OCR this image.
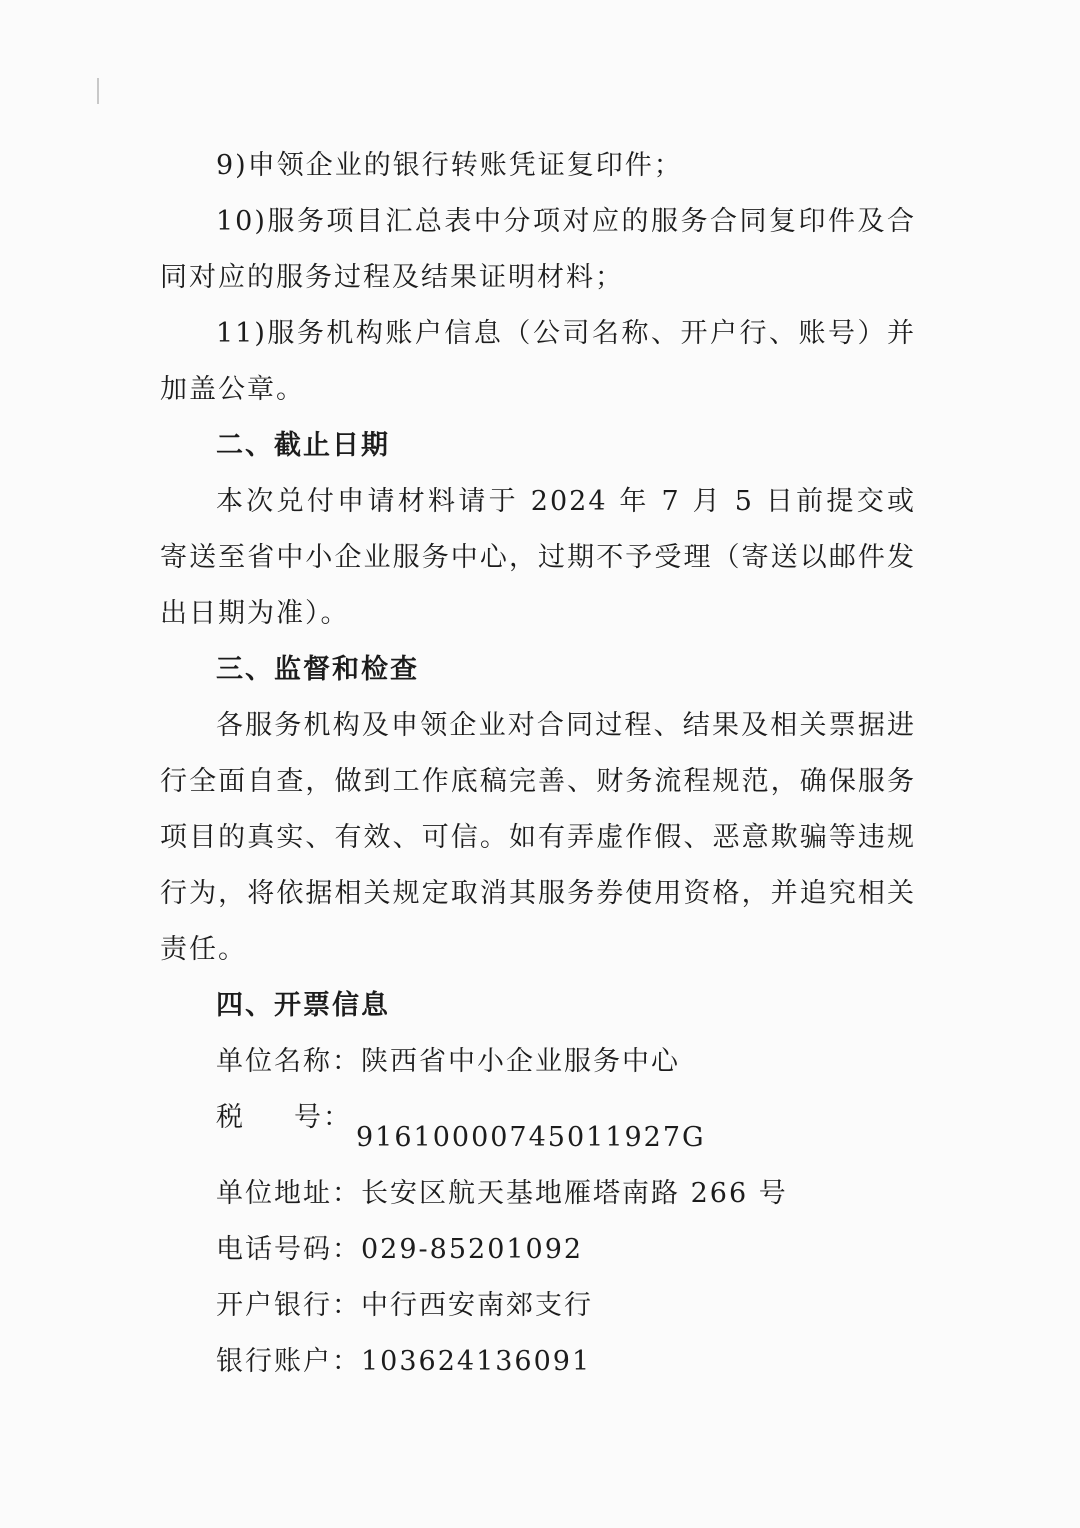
9)申领企业的银行转账凭证复印件；

10)服务项目汇总表中分项对应的服务合同复印件及合同对应的服务过程及结果证明材料；

11)服务机构账户信息（公司名称、开户行、账号）并加盖公章。

二、截止日期

本次兑付申请材料请于 2024 年 7 月 5 日前提交或寄送至省中小企业服务中心，过期不予受理（寄送以邮件发出日期为准）。

三、监督和检查

各服务机构及申领企业对合同过程、结果及相关票据进行全面自查，做到工作底稿完善、财务流程规范，确保服务项目的真实、有效、可信。如有弄虚作假、恶意欺骗等违规行为，将依据相关规定取消其服务券使用资格，并追究相关责任。

四、开票信息

单位名称：陕西省中小企业服务中心

税 号：
91610000745011927G

单位地址：长安区航天基地雁塔南路 266 号

电话号码：029-85201092

开户银行：中行西安南郊支行

银行账户：103624136091
